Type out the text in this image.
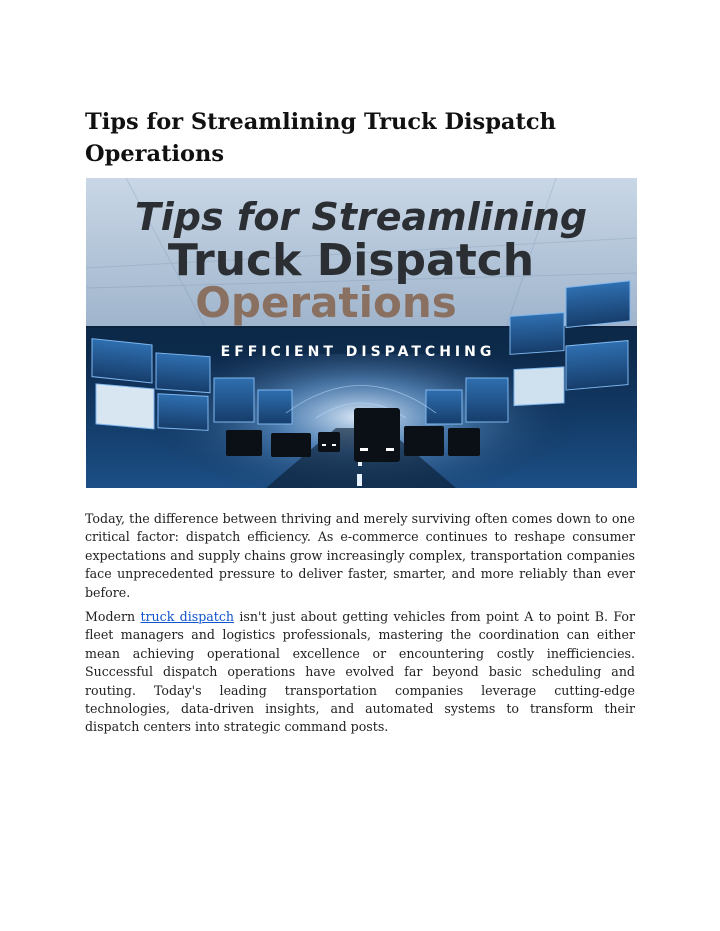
Tips for Streamlining Truck Dispatch Operations
Tips for Streamlining
Truck Dispatch
Operations
EFFICIENT DISPATCHING

Today, the difference between thriving and merely surviving often comes down to one critical factor: dispatch efficiency. As e-commerce continues to reshape consumer expectations and supply chains grow increasingly complex, transportation companies face unprecedented pressure to deliver faster, smarter, and more reliably than ever before.

Modern truck dispatch isn't just about getting vehicles from point A to point B. For fleet managers and logistics professionals, mastering the coordination can either mean achieving operational excellence or encountering costly inefficiencies. Successful dispatch operations have evolved far beyond basic scheduling and routing. Today's leading transportation companies leverage cutting-edge technologies, data-driven insights, and automated systems to transform their dispatch centers into strategic command posts.
